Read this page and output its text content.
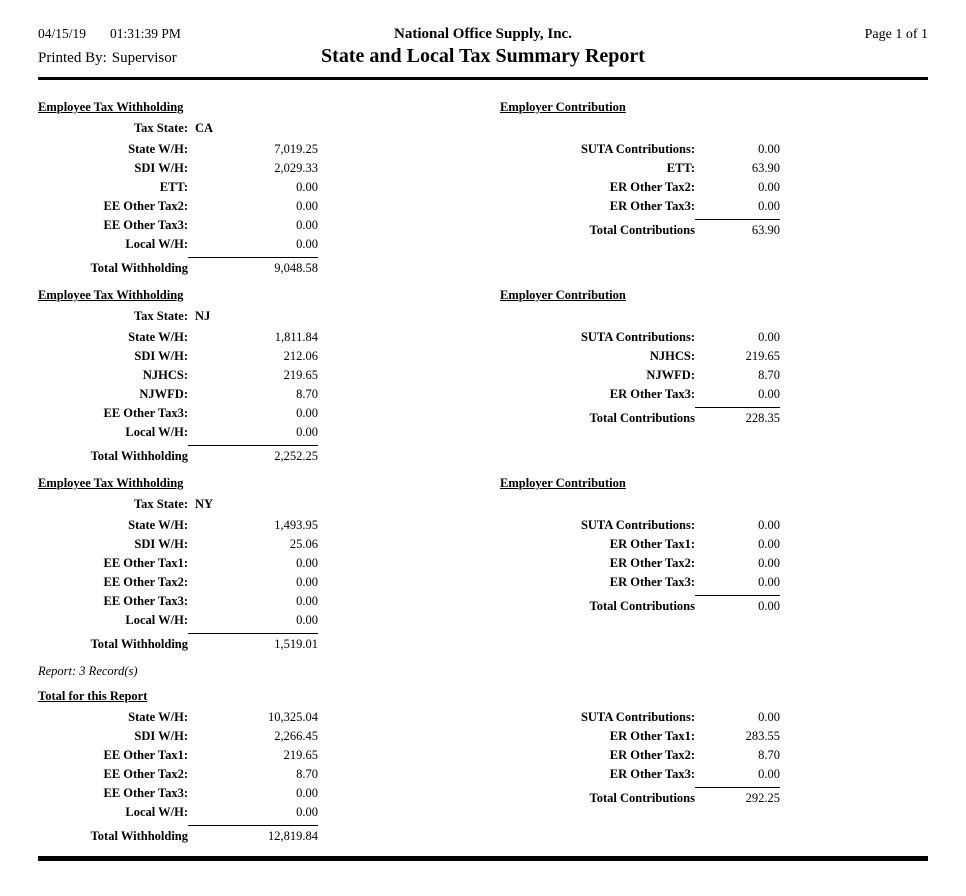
04/15/19 01:31:39 PM	National Office Supply, Inc.	Page 1 of 1
Printed By: Supervisor	State and Local Tax Summary Report
Employee Tax Withholding	Employer Contribution
Tax State: CA
State W/H:	7,019.25
SDI W/H:	2,029.33
ETT:	0.00
EE Other Tax2:	0.00
EE Other Tax3:	0.00
Local W/H:	0.00
Total Withholding	9,048.58
SUTA Contributions:	0.00
ETT:	63.90
ER Other Tax2:	0.00
ER Other Tax3:	0.00
Total Contributions	63.90
Employee Tax Withholding	Employer Contribution
Tax State: NJ
State W/H:	1,811.84
SDI W/H:	212.06
NJHCS:	219.65
NJWFD:	8.70
EE Other Tax3:	0.00
Local W/H:	0.00
Total Withholding	2,252.25
SUTA Contributions:	0.00
NJHCS:	219.65
NJWFD:	8.70
ER Other Tax3:	0.00
Total Contributions	228.35
Employee Tax Withholding	Employer Contribution
Tax State: NY
State W/H:	1,493.95
SDI W/H:	25.06
EE Other Tax1:	0.00
EE Other Tax2:	0.00
EE Other Tax3:	0.00
Local W/H:	0.00
Total Withholding	1,519.01
SUTA Contributions:	0.00
ER Other Tax1:	0.00
ER Other Tax2:	0.00
ER Other Tax3:	0.00
Total Contributions	0.00
Report: 3 Record(s)
Total for this Report
State W/H:	10,325.04
SDI W/H:	2,266.45
EE Other Tax1:	219.65
EE Other Tax2:	8.70
EE Other Tax3:	0.00
Local W/H:	0.00
Total Withholding	12,819.84
SUTA Contributions:	0.00
ER Other Tax1:	283.55
ER Other Tax2:	8.70
ER Other Tax3:	0.00
Total Contributions	292.25
